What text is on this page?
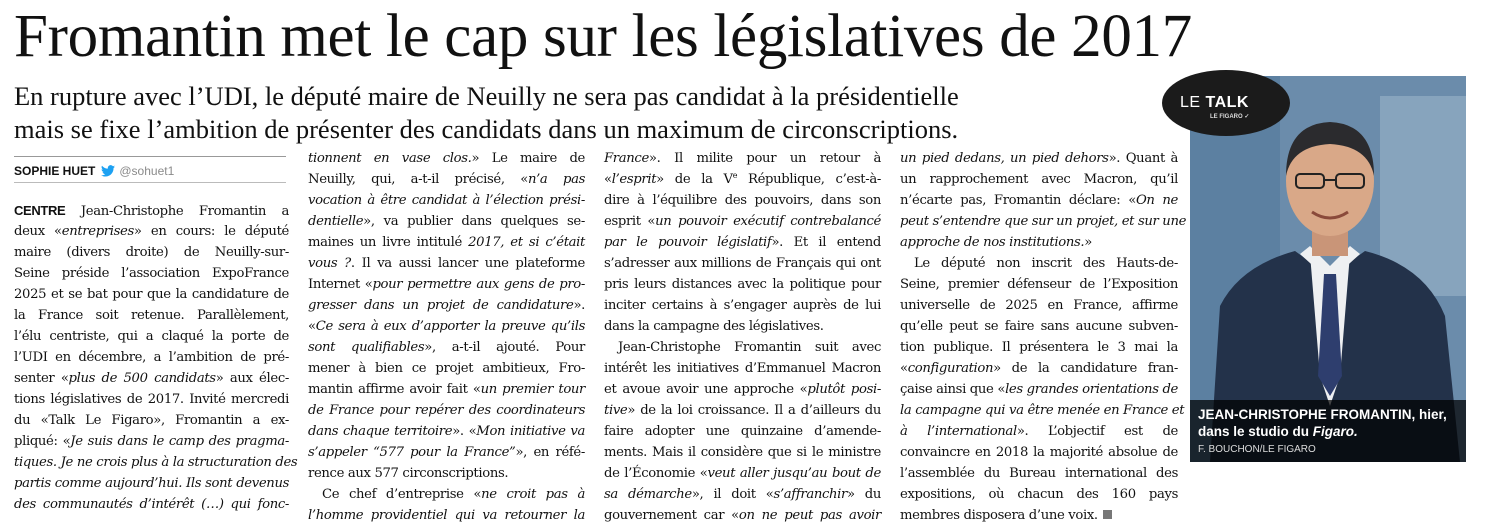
Fromantin met le cap sur les législatives de 2017
En rupture avec l’UDI, le député maire de Neuilly ne sera pas candidat à la présidentielle
mais se fixe l’ambition de présenter des candidats dans un maximum de circonscriptions.
SOPHIE HUET @sohuet1
CENTRE Jean-Christophe Fromantin a
deux «entreprises» en cours: le député
maire (divers droite) de Neuilly-sur-
Seine préside l’association ExpoFrance
2025 et se bat pour que la candidature de
la France soit retenue. Parallèlement,
l’élu centriste, qui a claqué la porte de
l’UDI en décembre, a l’ambition de pré-
senter «plus de 500 candidats» aux élec-
tions législatives de 2017. Invité mercredi
du «Talk Le Figaro», Fromantin a ex-
pliqué: «Je suis dans le camp des pragma-
tiques. Je ne crois plus à la structuration des
partis comme aujourd’hui. Ils sont devenus
des communautés d’intérêt (…) qui fonc-
tionnent en vase clos.» Le maire de
Neuilly, qui, a-t-il précisé, «n’a pas
vocation à être candidat à l’élection prési-
dentielle», va publier dans quelques se-
maines un livre intitulé 2017, et si c’était
vous ?. Il va aussi lancer une plateforme
Internet «pour permettre aux gens de pro-
gresser dans un projet de candidature».
«Ce sera à eux d’apporter la preuve qu’ils
sont qualifiables», a-t-il ajouté. Pour
mener à bien ce projet ambitieux, Fro-
mantin affirme avoir fait «un premier tour
de France pour repérer des coordinateurs
dans chaque territoire». «Mon initiative va
s’appeler “577 pour la France”», en réfé-
rence aux 577 circonscriptions.
Ce chef d’entreprise «ne croit pas à
l’homme providentiel qui va retourner la
France». Il milite pour un retour à
«l’esprit» de la Ve République, c’est-à-
dire à l’équilibre des pouvoirs, dans son
esprit «un pouvoir exécutif contrebalancé
par le pouvoir législatif». Et il entend
s’adresser aux millions de Français qui ont
pris leurs distances avec la politique pour
inciter certains à s’engager auprès de lui
dans la campagne des législatives.
Jean-Christophe Fromantin suit avec
intérêt les initiatives d’Emmanuel Macron
et avoue avoir une approche «plutôt posi-
tive» de la loi croissance. Il a d’ailleurs du
faire adopter une quinzaine d’amende-
ments. Mais il considère que si le ministre
de l’Économie «veut aller jusqu’au bout de
sa démarche», il doit «s’affranchir» du
gouvernement car «on ne peut pas avoir
un pied dedans, un pied dehors». Quant à
un rapprochement avec Macron, qu’il
n’écarte pas, Fromantin déclare: «On ne
peut s’entendre que sur un projet, et sur une
approche de nos institutions.»
Le député non inscrit des Hauts-de-
Seine, premier défenseur de l’Exposition
universelle de 2025 en France, affirme
qu’elle peut se faire sans aucune subven-
tion publique. Il présentera le 3 mai la
«configuration» de la candidature fran-
çaise ainsi que «les grandes orientations de
la campagne qui va être menée en France et
à l’international». L’objectif est de
convaincre en 2018 la majorité absolue de
l’assemblée du Bureau international des
expositions, où chacun des 160 pays
membres disposera d’une voix.
LE TALK
LE FIGARO ✓
JEAN-CHRISTOPHE FROMANTIN, hier,
dans le studio du Figaro.
F. BOUCHON/LE FIGARO
